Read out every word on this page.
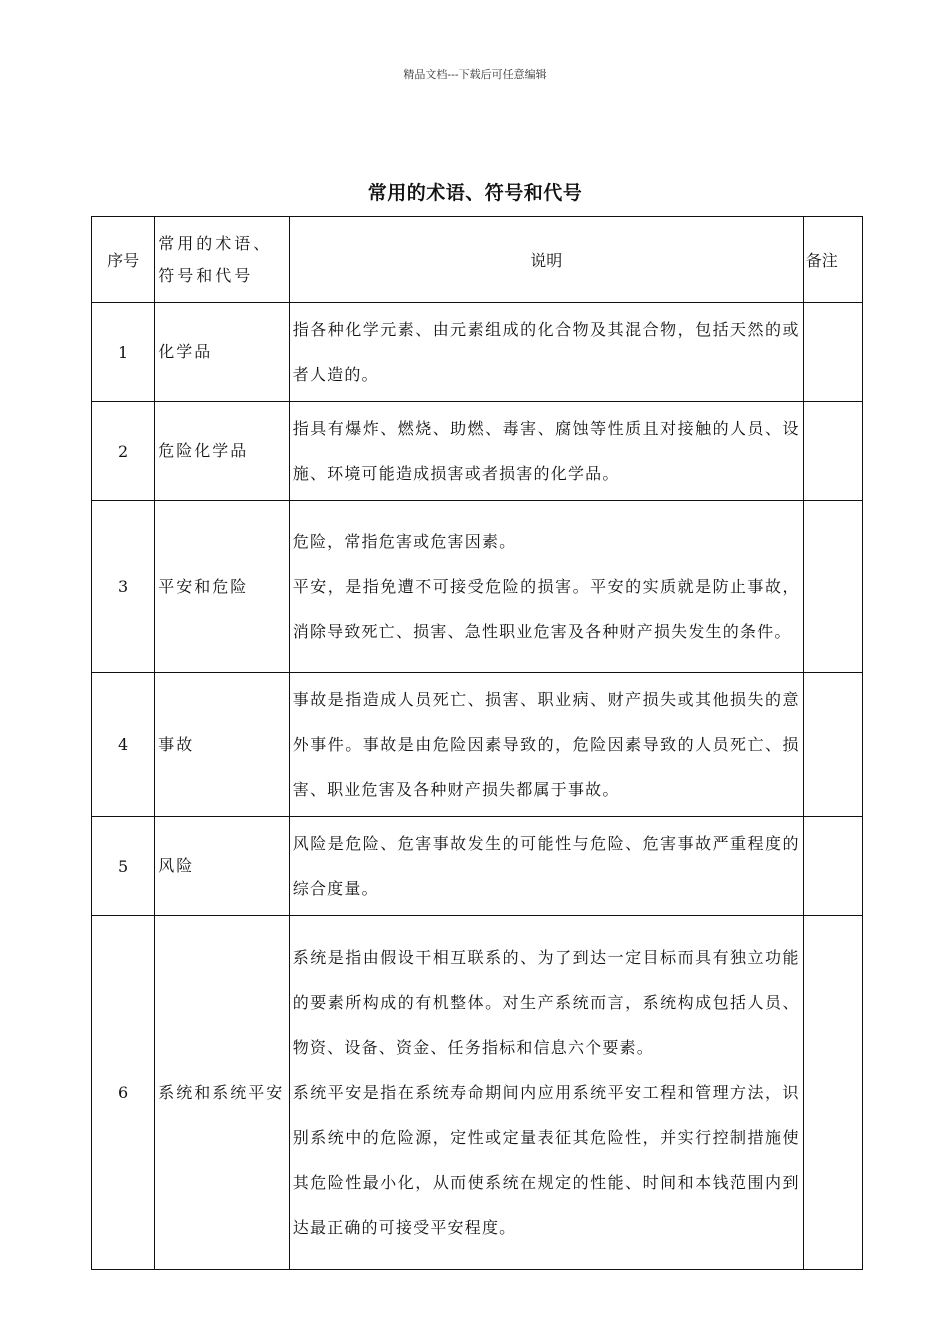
精品文档---下载后可任意编辑
常用的术语、符号和代号
序号	常用的术语、符号和代号	说明	备注
1	化学品	指各种化学元素、由元素组成的化合物及其混合物，包括天然的或者人造的。	

2	危险化学品	指具有爆炸、燃烧、助燃、毒害、腐蚀等性质且对接触的人员、设施、环境可能造成损害或者损害的化学品。	

3	平安和危险	危险，常指危害或危害因素。

平安，是指免遭不可接受危险的损害。平安的实质就是防止事故，消除导致死亡、损害、急性职业危害及各种财产损失发生的条件。	

4	事故	事故是指造成人员死亡、损害、职业病、财产损失或其他损失的意外事件。事故是由危险因素导致的，危险因素导致的人员死亡、损害、职业危害及各种财产损失都属于事故。	

5	风险	风险是危险、危害事故发生的可能性与危险、危害事故严重程度的综合度量。	

6	系统和系统平安	系统是指由假设干相互联系的、为了到达一定目标而具有独立功能的要素所构成的有机整体。对生产系统而言，系统构成包括人员、物资、设备、资金、任务指标和信息六个要素。

系统平安是指在系统寿命期间内应用系统平安工程和管理方法，识别系统中的危险源，定性或定量表征其危险性，并实行控制措施使其危险性最小化，从而使系统在规定的性能、时间和本钱范围内到达最正确的可接受平安程度。	
